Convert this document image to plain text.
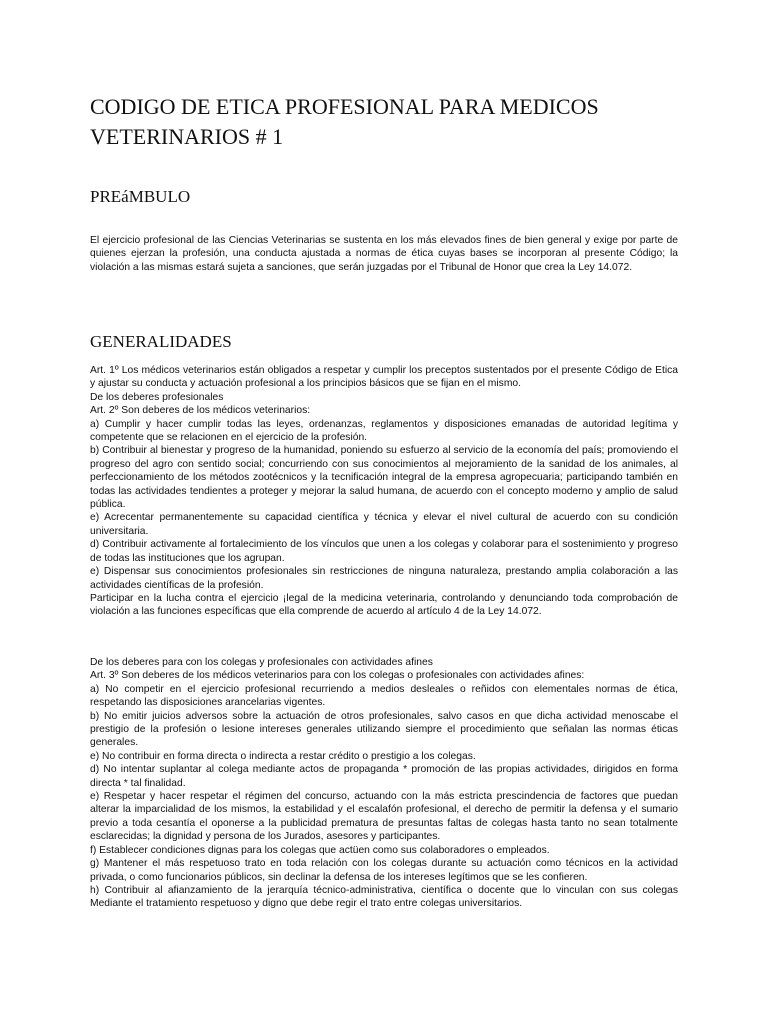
CODIGO DE ETICA PROFESIONAL PARA MEDICOS VETERINARIOS # 1
PREáMBULO

El ejercicio profesional de las Ciencias Veterinarias se sustenta en los más elevados fines de bien general y exige por parte de quienes ejerzan la profesión, una conducta ajustada a normas de ética cuyas bases se incorporan al presente Código; la violación a las mismas estará sujeta a sanciones, que serán juzgadas por el Tribunal de Honor que crea la Ley 14.072.

GENERALIDADES

Art. 1º Los médicos veterinarios están obligados a respetar y cumplir los preceptos sustentados por el presente Código de Etica y ajustar su conducta y actuación profesional a los principios básicos que se fijan en el mismo.

De los deberes profesionales

Art. 2º Son deberes de los médicos veterinarios:

a) Cumplir y hacer cumplir todas las leyes, ordenanzas, reglamentos y disposiciones emanadas de autoridad legítima y competente que se relacionen en el ejercicio de la profesión.

b) Contribuir al bienestar y progreso de la humanidad, poniendo su esfuerzo al servicio de la economía del país; promoviendo el progreso del agro con sentido social; concurriendo con sus conocimientos al mejoramiento de la sanidad de los animales, al perfeccionamiento de los métodos zootécnicos y la tecnificación integral de la empresa agropecuaria; participando también en todas las actividades tendientes a proteger y mejorar la salud humana, de acuerdo con el concepto moderno y amplio de salud pública.

e) Acrecentar permanentemente su capacidad científica y técnica y elevar el nivel cultural de acuerdo con su condición universitaria.

d) Contribuir activamente al fortalecimiento de los vínculos que unen a los colegas y colaborar para el sostenimiento y progreso de todas las instituciones que los agrupan.

e) Dispensar sus conocimientos profesionales sin restricciones de ninguna naturaleza, prestando amplia colaboración a las actividades científicas de la profesión.

Participar en la lucha contra el ejercicio ¡legal de la medicina veterinaria, controlando y denunciando toda comprobación de violación a las funciones específicas que ella comprende de acuerdo al artículo 4 de la Ley 14.072.

De los deberes para con los colegas y profesionales con actividades afines

Art. 3º Son deberes de los médicos veterinarios para con los colegas o profesionales con actividades afines:

a) No competir en el ejercicio profesional recurriendo a medios desleales o reñidos con elementales normas de ética, respetando las disposiciones arancelarias vigentes.

b) No emitir juicios adversos sobre la actuación de otros profesionales, salvo casos en que dicha actividad menoscabe el prestigio de la profesión o lesione intereses generales utilizando siempre el procedimiento que señalan las normas éticas generales.

e) No contribuir en forma directa o indirecta a restar crédito o prestigio a los colegas.

d) No intentar suplantar al colega mediante actos de propaganda * promoción de las propias actividades, dirigidos en forma directa * tal finalidad.

e) Respetar y hacer respetar el régimen del concurso, actuando con la más estricta prescindencia de factores que puedan alterar la imparcialidad de los mismos, la estabilidad y el escalafón profesional, el derecho de permitir la defensa y el sumario previo a toda cesantía el oponerse a la publicidad prematura de presuntas faltas de colegas hasta tanto no sean totalmente esclarecidas; la dignidad y persona de los Jurados, asesores y participantes.

f) Establecer condiciones dignas para los colegas que actüen como sus colaboradores o empleados.

g) Mantener el más respetuoso trato en toda relación con los colegas durante su actuación como técnicos en la actividad privada, o como funcionarios públicos, sin declinar la defensa de los intereses legítimos que se les confieren.

h) Contribuir al afianzamiento de la jerarquía técnico-administrativa, científica o docente que lo vinculan con sus colegas Mediante el tratamiento respetuoso y digno que debe regir el trato entre colegas universitarios.
